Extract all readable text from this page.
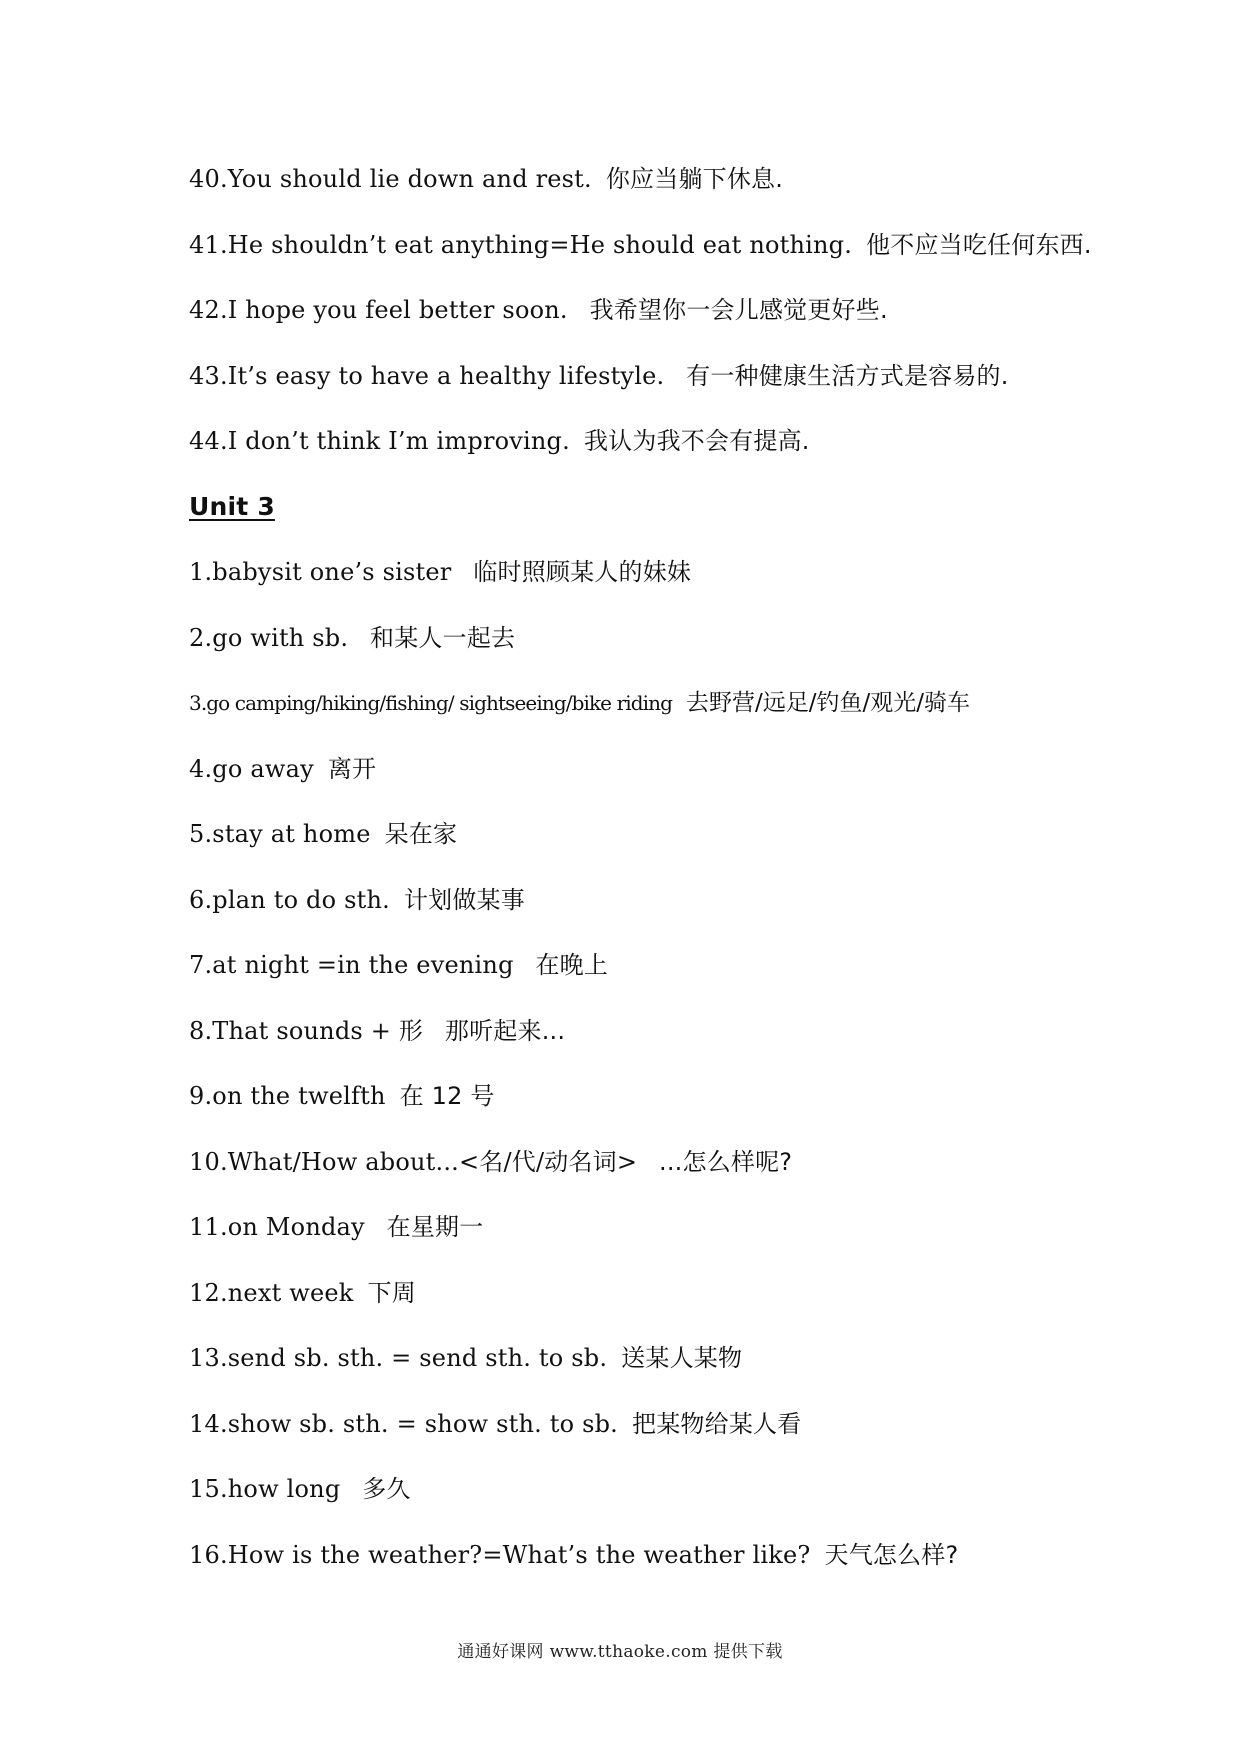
40.You should lie down and rest. 你应当躺下休息.
41.He shouldn’t eat anything=He should eat nothing. 他不应当吃任何东西.
42.I hope you feel better soon. 我希望你一会儿感觉更好些.
43.It’s easy to have a healthy lifestyle. 有一种健康生活方式是容易的.
44.I don’t think I’m improving. 我认为我不会有提高.
Unit 3
1.babysit one’s sister 临时照顾某人的妹妹
2.go with sb. 和某人一起去
3.go camping/hiking/fishing/ sightseeing/bike riding 去野营/远足/钓鱼/观光/骑车
4.go away 离开
5.stay at home 呆在家
6.plan to do sth. 计划做某事
7.at night =in the evening 在晚上
8.That sounds + 形 那听起来...
9.on the twelfth 在 12 号
10.What/How about...<名/代/动名词> ...怎么样呢?
11.on Monday 在星期一
12.next week 下周
13.send sb. sth. = send sth. to sb. 送某人某物
14.show sb. sth. = show sth. to sb. 把某物给某人看
15.how long 多久
16.How is the weather?=What’s the weather like? 天气怎么样?
通通好课网 www.tthaoke.com 提供下载
